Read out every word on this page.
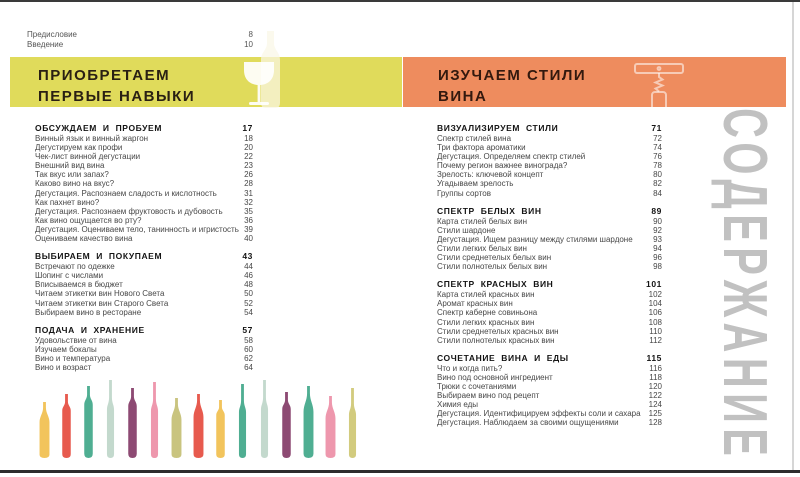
Предисловие	8
Введение	10
ПРИОБРЕТАЕМ
ПЕРВЫЕ НАВЫКИ
ИЗУЧАЕМ СТИЛИ
ВИНА
ОБСУЖДАЕМ И ПРОБУЕМ	17
Винный язык и винный жаргон	18
Дегустируем как профи	20
Чек-лист винной дегустации	22
Внешний вид вина	23
Так вкус или запах?	26
Каково вино на вкус?	28
Дегустация. Распознаем сладость и кислотность	31
Как пахнет вино?	32
Дегустация. Распознаем фруктовость и дубовость	35
Как вино ощущается во рту?	36
Дегустация. Оцениваем тело, танинность и игристость 39
Оцениваем качество вина	40
ВЫБИРАЕМ И ПОКУПАЕМ	43
Встречают по одежке	44
Шопинг с числами	46
Вписываемся в бюджет	48
Читаем этикетки вин Нового Света	50
Читаем этикетки вин Старого Света	52
Выбираем вино в ресторане	54
ПОДАЧА И ХРАНЕНИЕ	57
Удовольствие от вина	58
Изучаем бокалы	60
Вино и температура	62
Вино и возраст	64
ВИЗУАЛИЗИРУЕМ СТИЛИ	71
Спектр стилей вина	72
Три фактора ароматики	74
Дегустация. Определяем спектр стилей	76
Почему регион важнее винограда?	78
Зрелость: ключевой концепт	80
Угадываем зрелость	82
Группы сортов	84
СПЕКТР БЕЛЫХ ВИН	89
Карта стилей белых вин	90
Стили шардоне	92
Дегустация. Ищем разницу между стилями шардоне	93
Стили легких белых вин	94
Стили среднетелых белых вин	96
Стили полнотелых белых вин	98
СПЕКТР КРАСНЫХ ВИН	101
Карта стилей красных вин	102
Аромат красных вин	104
Спектр каберне совиньона	106
Стили легких красных вин	108
Стили среднетелых красных вин	110
Стили полнотелых красных вин	112
СОЧЕТАНИЕ ВИНА И ЕДЫ	115
Что и когда пить?	116
Вино под основной ингредиент	118
Трюки с сочетаниями	120
Выбираем вино под рецепт	122
Химия еды	124
Дегустация. Идентифицируем эффекты соли и сахара 125
Дегустация. Наблюдаем за своими ощущениями	128 СОДЕРЖАНИЕ
